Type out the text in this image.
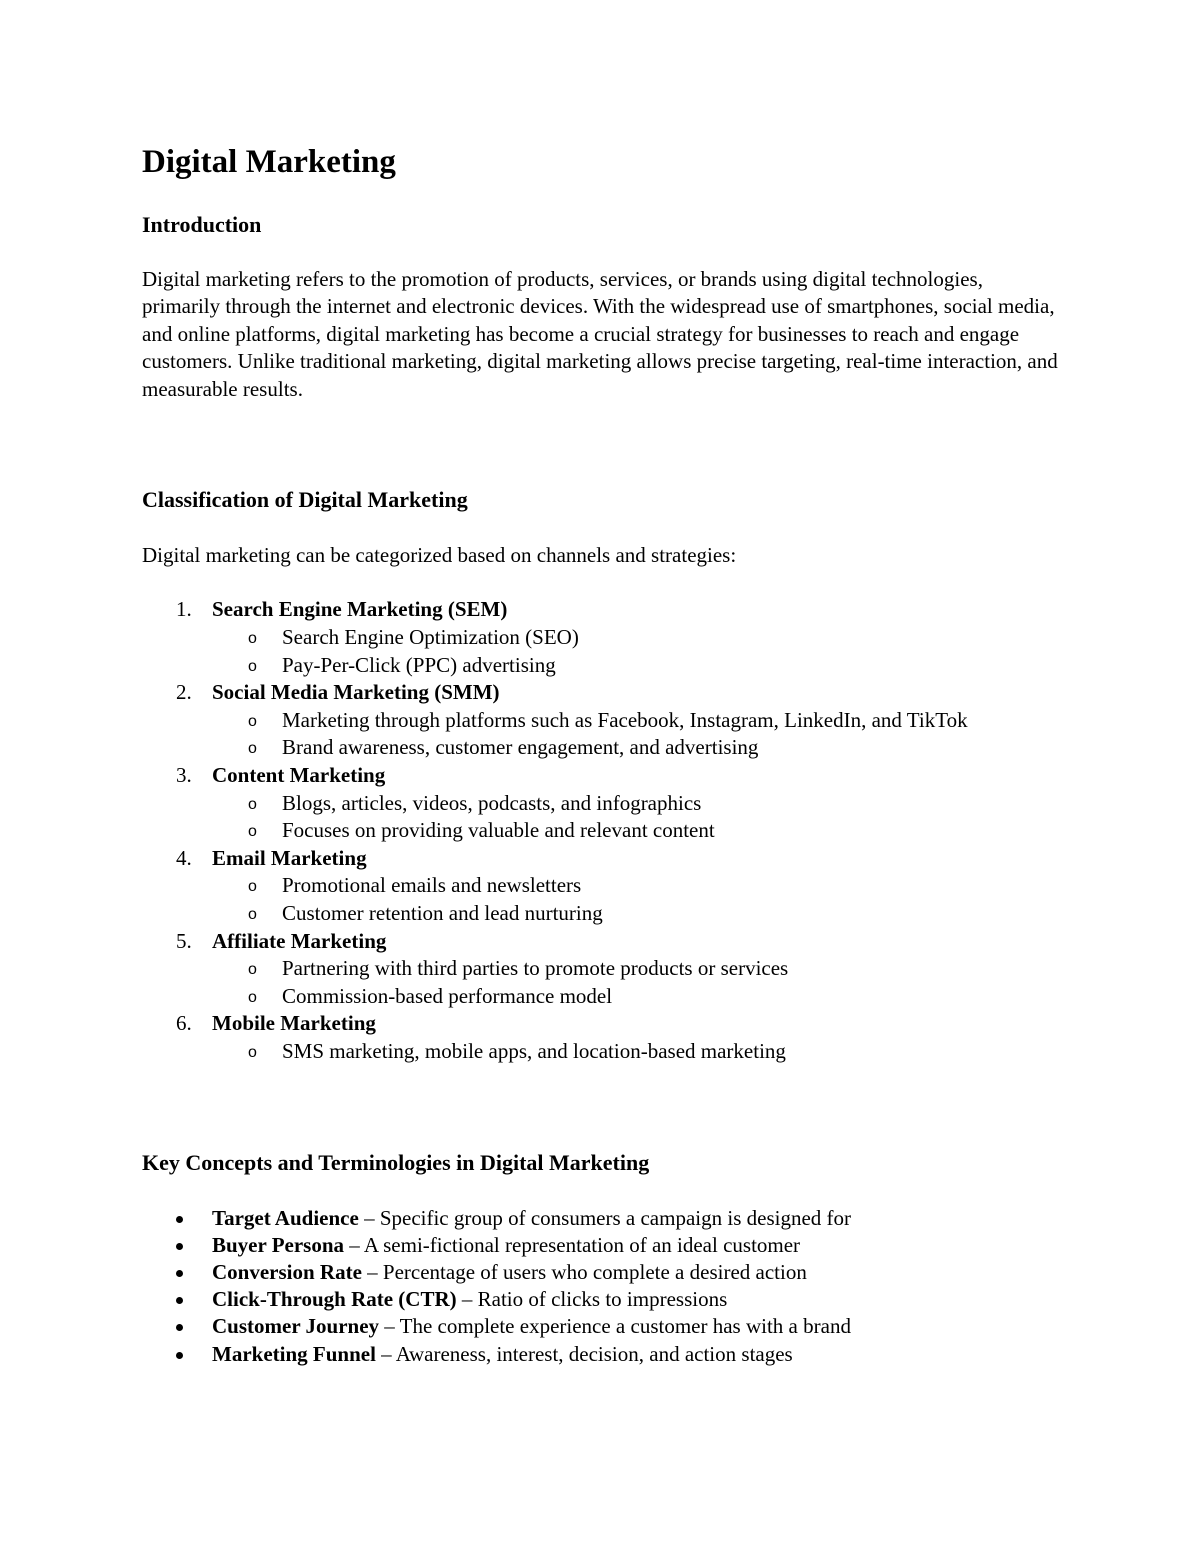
Digital Marketing
Introduction

Digital marketing refers to the promotion of products, services, or brands using digital technologies, primarily through the internet and electronic devices. With the widespread use of smartphones, social media, and online platforms, digital marketing has become a crucial strategy for businesses to reach and engage customers. Unlike traditional marketing, digital marketing allows precise targeting, real-time interaction, and measurable results.

Classification of Digital Marketing

Digital marketing can be categorized based on channels and strategies:

1. Search Engine Marketing (SEM)
o Search Engine Optimization (SEO)
o Pay-Per-Click (PPC) advertising
2. Social Media Marketing (SMM)
o Marketing through platforms such as Facebook, Instagram, LinkedIn, and TikTok
o Brand awareness, customer engagement, and advertising
3. Content Marketing
o Blogs, articles, videos, podcasts, and infographics
o Focuses on providing valuable and relevant content
4. Email Marketing
o Promotional emails and newsletters
o Customer retention and lead nurturing
5. Affiliate Marketing
o Partnering with third parties to promote products or services
o Commission-based performance model
6. Mobile Marketing
o SMS marketing, mobile apps, and location-based marketing
Key Concepts and Terminologies in Digital Marketing
Target Audience – Specific group of consumers a campaign is designed for
Buyer Persona – A semi-fictional representation of an ideal customer
Conversion Rate – Percentage of users who complete a desired action
Click-Through Rate (CTR) – Ratio of clicks to impressions
Customer Journey – The complete experience a customer has with a brand
Marketing Funnel – Awareness, interest, decision, and action stages
